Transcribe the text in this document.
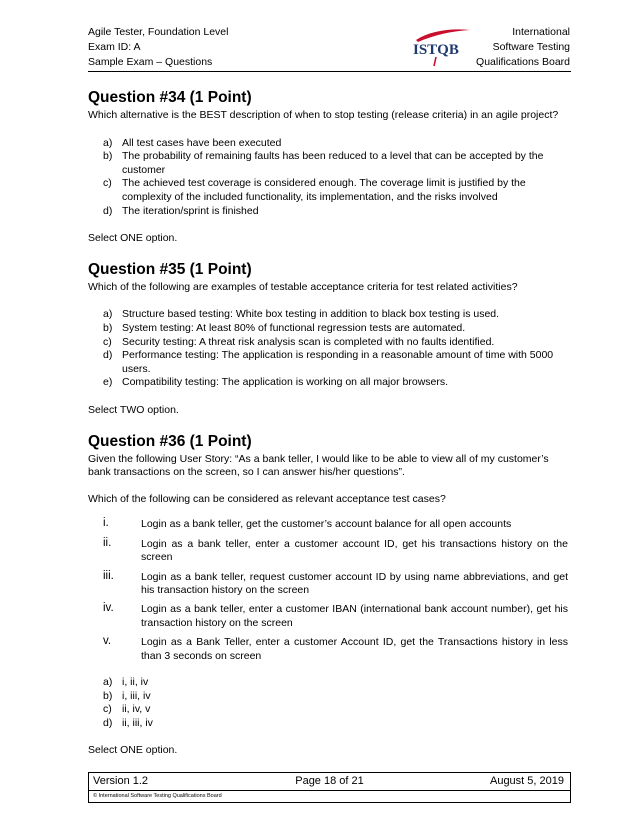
Agile Tester, Foundation Level
Exam ID: A
Sample Exam – Questions
ISTQB
International
Software Testing
Qualifications Board
Question #34 (1 Point)

Which alternative is the BEST description of when to stop testing (release criteria) in an agile project?

a) All test cases have been executed
b) The probability of remaining faults has been reduced to a level that can be accepted by the customer
c) The achieved test coverage is considered enough. The coverage limit is justified by the complexity of the included functionality, its implementation, and the risks involved
d) The iteration/sprint is finished

Select ONE option.

Question #35 (1 Point)

Which of the following are examples of testable acceptance criteria for test related activities?

a) Structure based testing: White box testing in addition to black box testing is used.
b) System testing: At least 80% of functional regression tests are automated.
c) Security testing: A threat risk analysis scan is completed with no faults identified.
d) Performance testing: The application is responding in a reasonable amount of time with 5000 users.
e) Compatibility testing: The application is working on all major browsers.

Select TWO option.

Question #36 (1 Point)

Given the following User Story: “As a bank teller, I would like to be able to view all of my customer’s bank transactions on the screen, so I can answer his/her questions”.

Which of the following can be considered as relevant acceptance test cases?

i.	Login as a bank teller, get the customer’s account balance for all open accounts
ii.	Login as a bank teller, enter a customer account ID, get his transactions history on the screen
iii.	Login as a bank teller, request customer account ID by using name abbreviations, and get his transaction history on the screen
iv.	Login as a bank teller, enter a customer IBAN (international bank account number), get his transaction history on the screen
v.	Login as a Bank Teller, enter a customer Account ID, get the Transactions history in less than 3 seconds on screen
a) i, ii, iv
b) i, iii, iv
c) ii, iv, v
d) ii, iii, iv

Select ONE option.

Version 1.2	Page 18 of 21	August 5, 2019
© International Software Testing Qualifications Board
